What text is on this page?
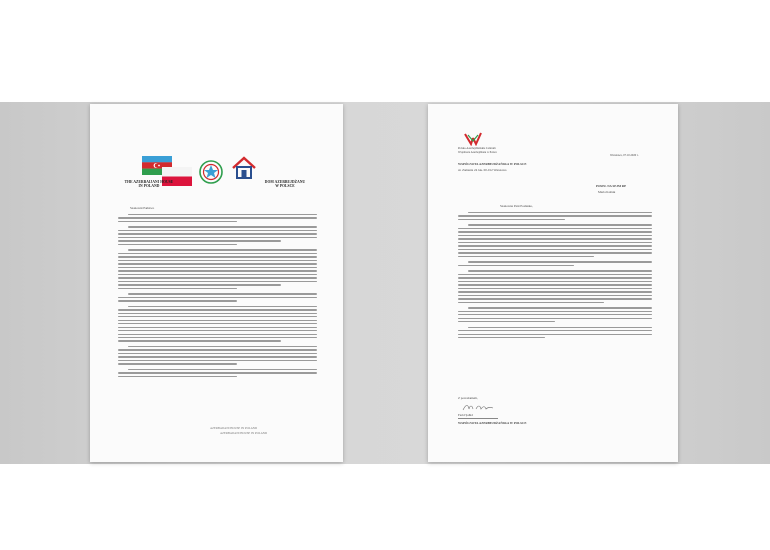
THE AZERBAIJANI HOUSE
IN POLAND
DOM AZERBEJDŻANU
W POLSCE
Szanowni Państwo
AZERBAIJANI HOUSE IN POLAND
AZERBAIJANI HOUSE IN POLAND
Polsko-Azerbejdżańskie Centrum
Wspólnota Azerbejdżanu w Polsce
Warszawa, 07.10.2020 r.
WSPÓLNOTA AZERBEJDŻAŃSKA W POLSCE
ul. Zamania 24 lok. 00-012 Warszawa
POSEŁ NA SEJM RP
Maria Kołtuk
Szanowna Pani Posłanko,
Z poważaniem,
Farid Şahid
WSPÓLNOTA AZERBEJDŻAŃSKA W POLSCE
